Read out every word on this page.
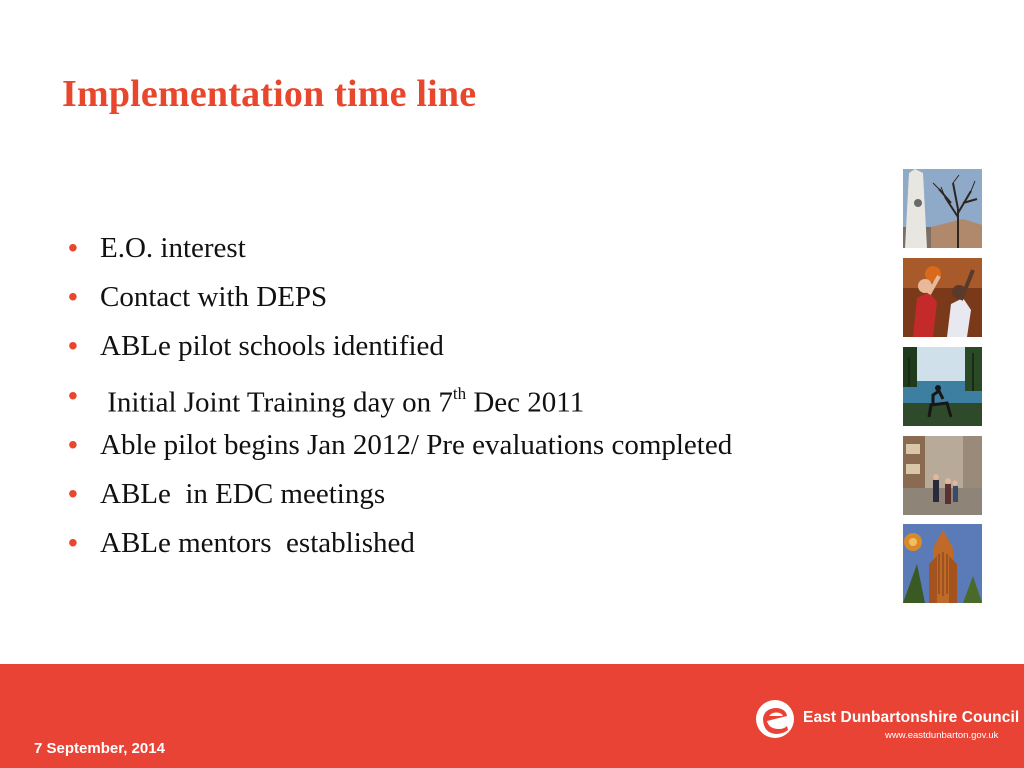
Implementation time line
• E.O. interest
• Contact with DEPS
• ABLe pilot schools identified
• Initial Joint Training day on 7th Dec 2011
• Able pilot begins Jan 2012/ Pre evaluations completed
• ABLe  in EDC meetings
• ABLe mentors  established
7 September, 2014
East Dunbartonshire Council
www.eastdunbarton.gov.uk
